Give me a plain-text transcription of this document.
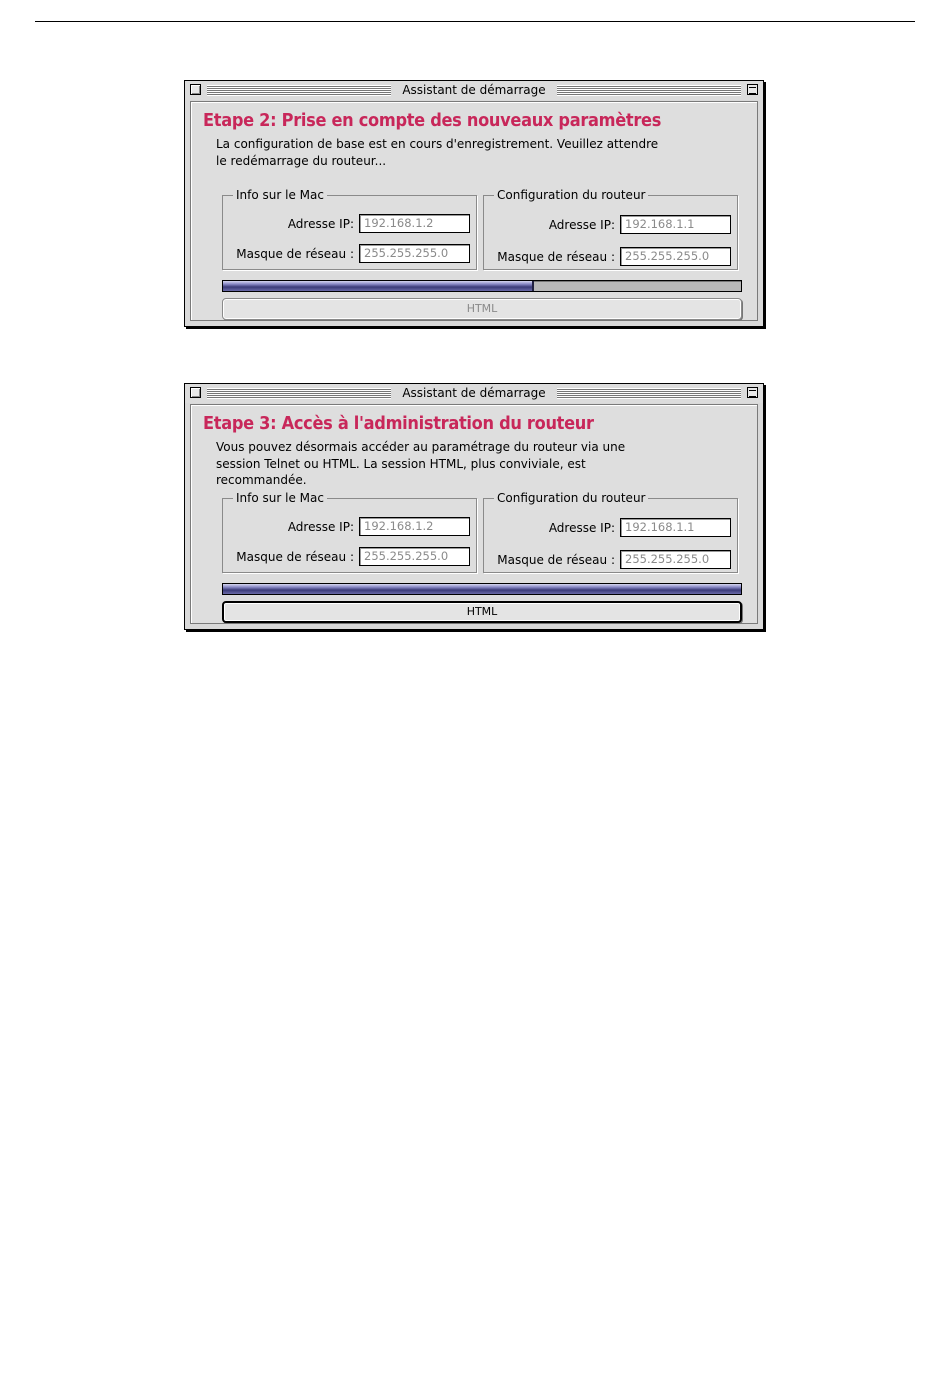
Assistant de démarrage
Etape 2: Prise en compte des nouveaux paramètres
La configuration de base est en cours d'enregistrement. Veuillez attendre
le redémarrage du routeur...
Info sur le Mac
Adresse IP: 192.168.1.2
Masque de réseau : 255.255.255.0
Configuration du routeur
Adresse IP: 192.168.1.1
Masque de réseau : 255.255.255.0
HTML
Assistant de démarrage
Etape 3: Accès à l'administration du routeur
Vous pouvez désormais accéder au paramétrage du routeur via une
session Telnet ou HTML. La session HTML, plus conviviale, est
recommandée.
Info sur le Mac
Adresse IP: 192.168.1.2
Masque de réseau : 255.255.255.0
Configuration du routeur
Adresse IP: 192.168.1.1
Masque de réseau : 255.255.255.0
HTML
